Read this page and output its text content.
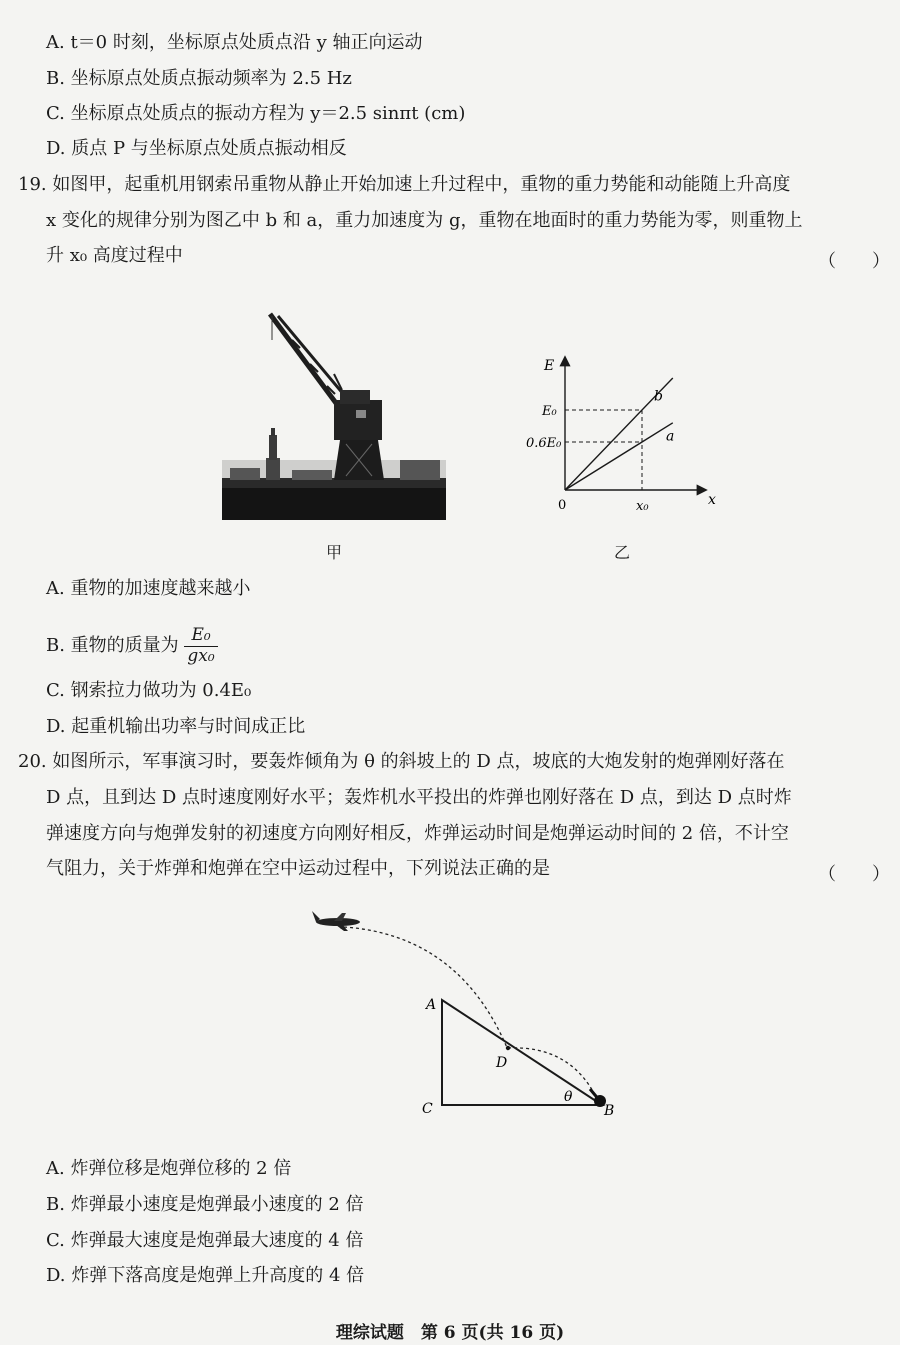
A. t＝0 时刻，坐标原点处质点沿 y 轴正向运动
B. 坐标原点处质点振动频率为 2.5 Hz
C. 坐标原点处质点的振动方程为 y＝2.5 sinπt (cm)
D. 质点 P 与坐标原点处质点振动相反
19. 如图甲，起重机用钢索吊重物从静止开始加速上升过程中，重物的重力势能和动能随上升高度
x 变化的规律分别为图乙中 b 和 a，重力加速度为 g，重物在地面时的重力势能为零，则重物上
升 x₀ 高度过程中	（　　）
甲
E
x
0
E₀
0.6E₀
x₀
b
a
乙
A. 重物的加速度越来越小
B. 重物的质量为 $\frac{\text{E₀}}{\text{gx₀}}$
C. 钢索拉力做功为 0.4E₀
D. 起重机输出功率与时间成正比
20. 如图所示，军事演习时，要轰炸倾角为 θ 的斜坡上的 D 点，坡底的大炮发射的炮弹刚好落在
D 点，且到达 D 点时速度刚好水平；轰炸机水平投出的炸弹也刚好落在 D 点，到达 D 点时炸
弹速度方向与炮弹发射的初速度方向刚好相反，炸弹运动时间是炮弹运动时间的 2 倍，不计空
气阻力，关于炸弹和炮弹在空中运动过程中，下列说法正确的是	（　　）
A
C	B
D
θ
A. 炸弹位移是炮弹位移的 2 倍
B. 炸弹最小速度是炮弹最小速度的 2 倍
C. 炸弹最大速度是炮弹最大速度的 4 倍
D. 炸弹下落高度是炮弹上升高度的 4 倍
理综试题　第 6 页(共 16 页)
